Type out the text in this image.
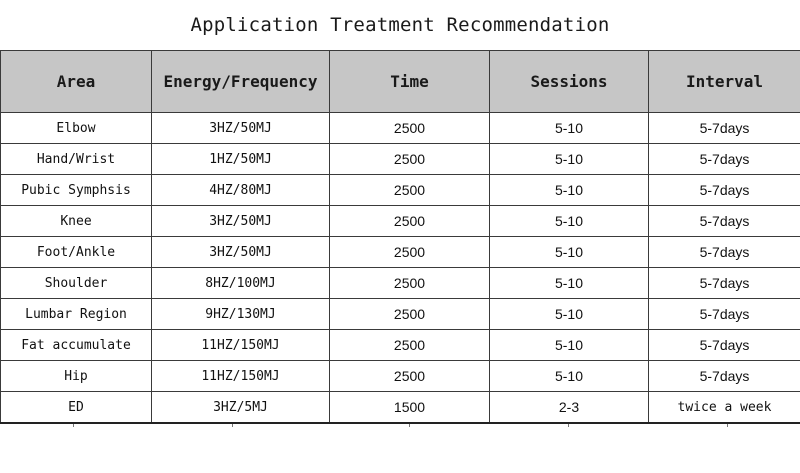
Application Treatment Recommendation
Area	Energy/Frequency	Time	Sessions	Interval
Elbow	3HZ/50MJ	2500	5-10	5-7days
Hand/Wrist	1HZ/50MJ	2500	5-10	5-7days
Pubic Symphsis	4HZ/80MJ	2500	5-10	5-7days
Knee	3HZ/50MJ	2500	5-10	5-7days
Foot/Ankle	3HZ/50MJ	2500	5-10	5-7days
Shoulder	8HZ/100MJ	2500	5-10	5-7days
Lumbar Region	9HZ/130MJ	2500	5-10	5-7days
Fat accumulate	11HZ/150MJ	2500	5-10	5-7days
Hip	11HZ/150MJ	2500	5-10	5-7days
ED	3HZ/5MJ	1500	2-3	twice a week
